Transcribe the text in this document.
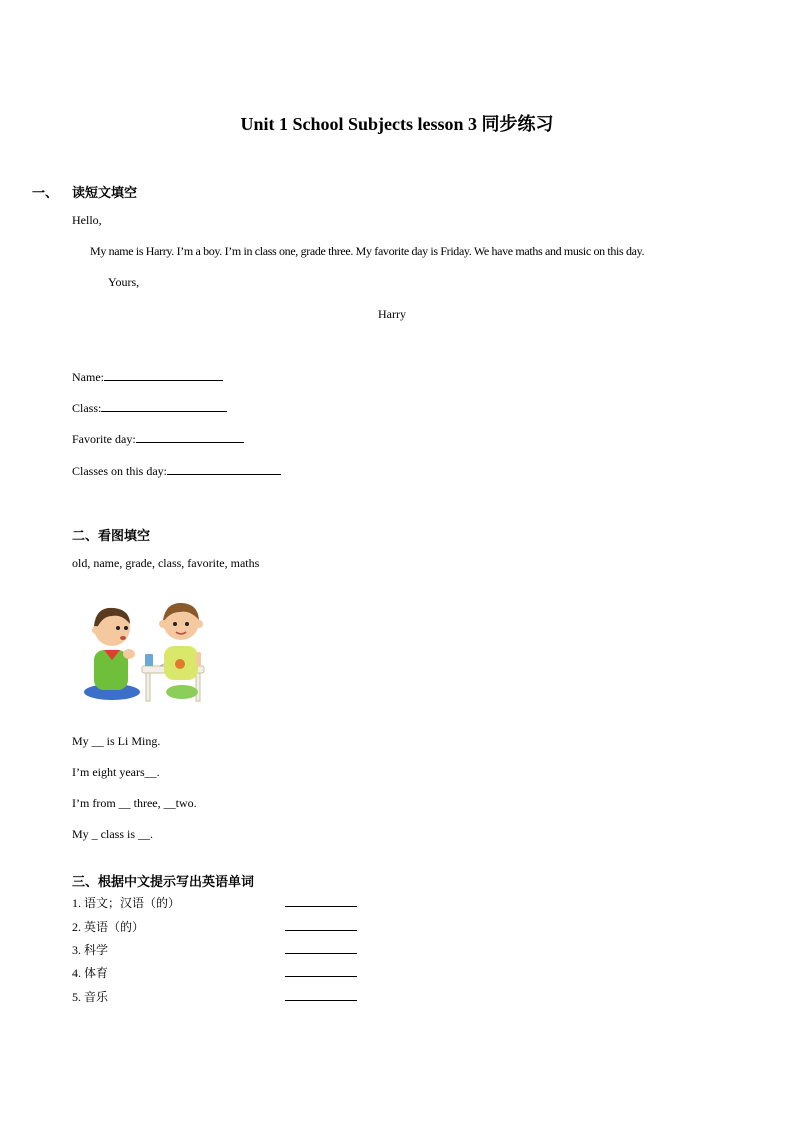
Unit 1 School Subjects lesson 3 同步练习
一、 读短文填空
Hello,
My name is Harry. I’m a boy. I’m in class one, grade three. My favorite day is Friday. We have maths and music on this day.
Yours,
Harry
Name:
Class:
Favorite day:
Classes on this day:
二、看图填空
old, name, grade, class, favorite, maths
My __ is Li Ming.
I’m eight years__.
I’m from __ three, __two.
My _ class is __.
三、根据中文提示写出英语单词
1. 语文；汉语（的）
2. 英语（的）
3. 科学
4. 体育
5. 音乐
